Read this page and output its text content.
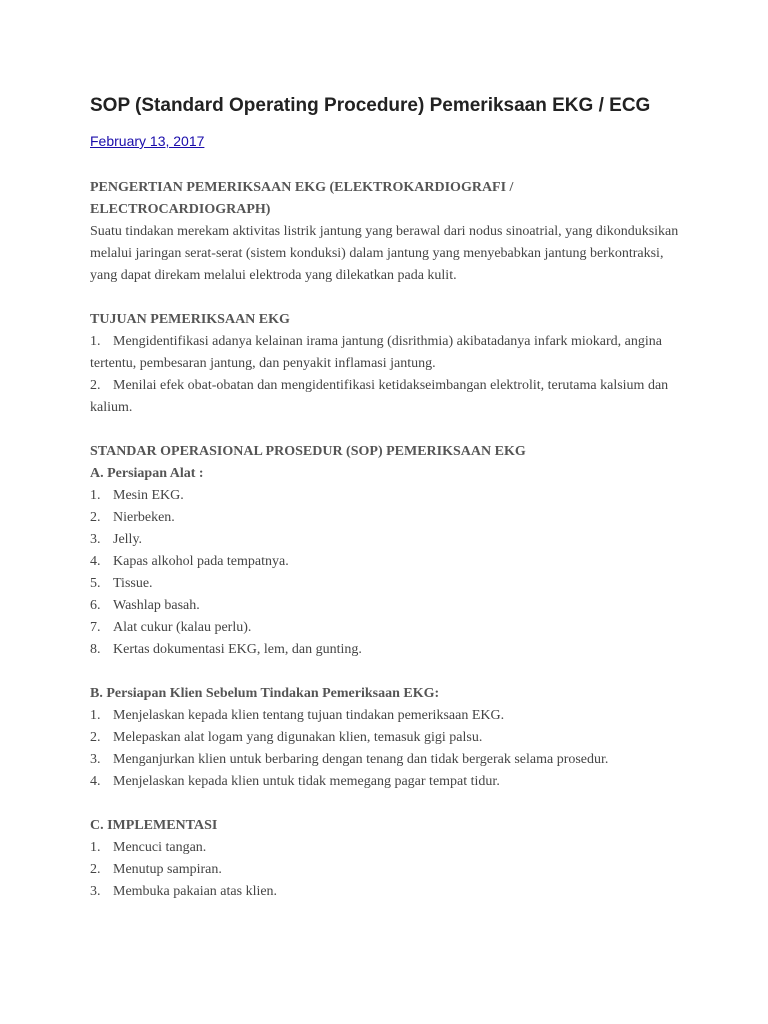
SOP (Standard Operating Procedure) Pemeriksaan EKG / ECG
February 13, 2017
PENGERTIAN PEMERIKSAAN EKG (ELEKTROKARDIOGRAFI / ELECTROCARDIOGRAPH)

Suatu tindakan merekam aktivitas listrik jantung yang berawal dari nodus sinoatrial, yang dikonduksikan melalui jaringan serat-serat (sistem konduksi) dalam jantung yang menyebabkan jantung berkontraksi, yang dapat direkam melalui elektroda yang dilekatkan pada kulit.

TUJUAN PEMERIKSAAN EKG

1. Mengidentifikasi adanya kelainan irama jantung (disrithmia) akibatadanya infark miokard, angina tertentu, pembesaran jantung, dan penyakit inflamasi jantung.

2. Menilai efek obat-obatan dan mengidentifikasi ketidakseimbangan elektrolit, terutama kalsium dan kalium.

STANDAR OPERASIONAL PROSEDUR (SOP) PEMERIKSAAN EKG
A. Persiapan Alat :
1. Mesin EKG.
2. Nierbeken.
3. Jelly.
4. Kapas alkohol pada tempatnya.
5. Tissue.
6. Washlap basah.
7. Alat cukur (kalau perlu).
8. Kertas dokumentasi EKG, lem, dan gunting.
B. Persiapan Klien Sebelum Tindakan Pemeriksaan EKG:
1. Menjelaskan kepada klien tentang tujuan tindakan pemeriksaan EKG.
2. Melepaskan alat logam yang digunakan klien, temasuk gigi palsu.
3. Menganjurkan klien untuk berbaring dengan tenang dan tidak bergerak selama prosedur.
4. Menjelaskan kepada klien untuk tidak memegang pagar tempat tidur.
C. IMPLEMENTASI
1. Mencuci tangan.
2. Menutup sampiran.
3. Membuka pakaian atas klien.
